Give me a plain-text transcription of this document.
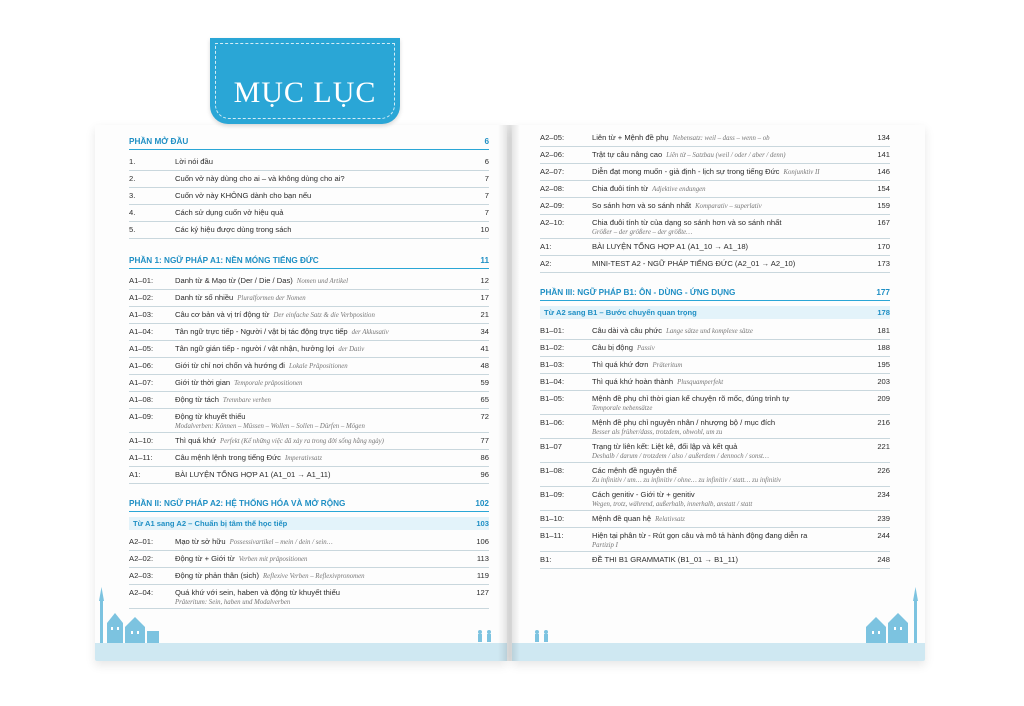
PHẦN MỞ ĐẦU	6
1.	Lời nói đầu	6
2.	Cuốn vở này dùng cho ai – và không dùng cho ai?	7
3.	Cuốn vở này KHÔNG dành cho bạn nếu	7
4.	Cách sử dụng cuốn vở hiệu quả	7
5.	Các ký hiệu được dùng trong sách	10
PHẦN 1: NGỮ PHÁP A1: NỀN MÓNG TIẾNG ĐỨC	11
A1–01:	Danh từ & Mạo từ (Der / Die / Das) Nomen und Artikel	12
A1–02:	Danh từ số nhiều Pluralformen der Nomen	17
A1–03:	Câu cơ bản và vị trí động từ Der einfache Satz & die Verbposition	21
A1–04:	Tân ngữ trực tiếp - Người / vật bị tác động trực tiếp der Akkusativ	34
A1–05:	Tân ngữ gián tiếp - người / vật nhận, hưởng lợi der Dativ	41
A1–06:	Giới từ chỉ nơi chốn và hướng đi Lokale Präpositionen	48
A1–07:	Giới từ thời gian Temporale präpositionen	59
A1–08:	Động từ tách Trennbare verben	65
A1–09:	Động từ khuyết thiếu	72
Modalverben: Können – Müssen – Wollen – Sollen – Dürfen – Mögen
A1–10:	Thì quá khứ Perfekt (Kể những việc đã xảy ra trong đời sống hằng ngày)	77
A1–11:	Câu mệnh lệnh trong tiếng Đức Imperativsatz	86
A1:	BÀI LUYỆN TỔNG HỢP A1 (A1_01 → A1_11)	96
PHẦN II: NGỮ PHÁP A2: HỆ THỐNG HÓA VÀ MỞ RỘNG	102
Từ A1 sang A2 – Chuẩn bị tâm thế học tiếp	103
A2–01:	Mạo từ sở hữu Possessivartikel – mein / dein / sein…	106
A2–02:	Động từ + Giới từ Verben mit präpositionen	113
A2–03:	Động từ phản thân (sich) Reflexive Verben – Reflexivpronomen	119
A2–04:	Quá khứ với sein, haben và động từ khuyết thiếu	127
Präteritum: Sein, haben und Modalverben
A2–05:	Liên từ + Mệnh đề phụ Nebensatz: weil – dass – wenn – ob	134
A2–06:	Trật tự câu nâng cao Liên từ – Satzbau (weil / oder / aber / denn)	141
A2–07:	Diễn đạt mong muốn - giả định - lịch sự trong tiếng Đức Konjunktiv II	146
A2–08:	Chia đuôi tính từ Adjektive endungen	154
A2–09:	So sánh hơn và so sánh nhất Komparativ – superlativ	159
A2–10:	Chia đuôi tính từ của dạng so sánh hơn và so sánh nhất	167
Größer – der größere – der größte…
A1:	BÀI LUYỆN TỔNG HỢP A1 (A1_10 → A1_18)	170
A2:	MINI-TEST A2 - NGỮ PHÁP TIẾNG ĐỨC (A2_01 → A2_10)	173
PHẦN III: NGỮ PHÁP B1: ÔN - DÙNG - ỨNG DỤNG	177
Từ A2 sang B1 – Bước chuyển quan trọng	178
B1–01:	Câu dài và câu phức Lange sätze und komplexe sätze	181
B1–02:	Câu bị động Passiv	188
B1–03:	Thì quá khứ đơn Präteritum	195
B1–04:	Thì quá khứ hoàn thành Plusquamperfekt	203
B1–05:	Mệnh đề phụ chỉ thời gian kể chuyện rõ mốc, đúng trình tự	209
Temporale nebensätze
B1–06:	Mệnh đề phụ chỉ nguyên nhân / nhượng bộ / mục đích	216
Besser als früher/dass, trotzdem, obwohl, um zu
B1–07	Trạng từ liên kết: Liệt kê, đối lập và kết quả	221
Deshalb / darum / trotzdem / also / außerdem / dennoch / sonst…
B1–08:	Các mệnh đề nguyên thể	226
Zu infinitiv / um… zu infinitiv / ohne… zu infinitiv / statt… zu infinitiv
B1–09:	Cách genitiv - Giới từ + genitiv	234
Wegen, trotz, während, außerhalb, innerhalb, anstatt / statt
B1–10:	Mệnh đề quan hệ Relativsatz	239
B1–11:	Hiện tại phân từ - Rút gọn câu và mô tả hành động đang diễn ra	244
Partizip I
B1:	ĐỀ THI B1 GRAMMATIK (B1_01 → B1_11)	248
MỤC LỤC
